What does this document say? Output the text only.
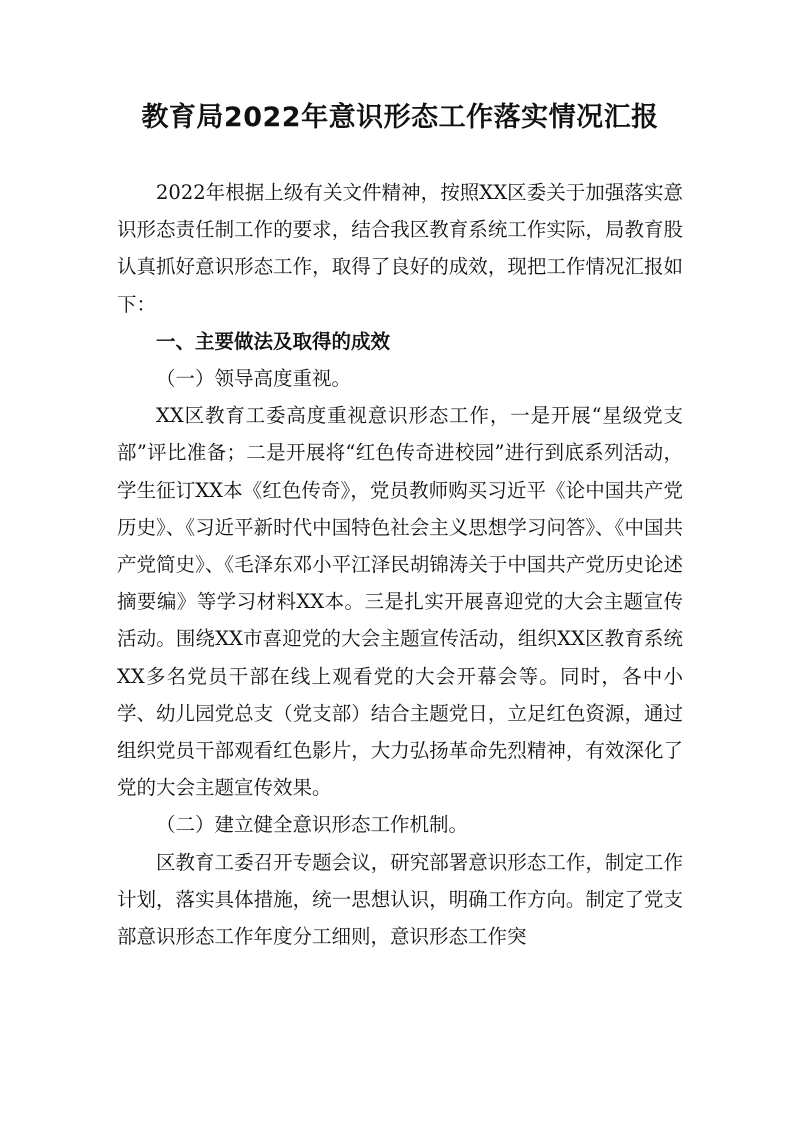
教育局2022年意识形态工作落实情况汇报

2022年根据上级有关文件精神，按照XX区委关于加强落实意识形态责任制工作的要求，结合我区教育系统工作实际，局教育股认真抓好意识形态工作，取得了良好的成效，现把工作情况汇报如下：

一、主要做法及取得的成效

（一）领导高度重视。

XX区教育工委高度重视意识形态工作，一是开展“星级党支部”评比准备；二是开展将“红色传奇进校园”进行到底系列活动，学生征订XX本《红色传奇》，党员教师购买习近平《论中国共产党历史》、《习近平新时代中国特色社会主义思想学习问答》、《中国共产党简史》、《毛泽东邓小平江泽民胡锦涛关于中国共产党历史论述摘要编》等学习材料XX本。三是扎实开展喜迎党的大会主题宣传活动。围绕XX市喜迎党的大会主题宣传活动，组织XX区教育系统XX多名党员干部在线上观看党的大会开幕会等。同时，各中小学、幼儿园党总支（党支部）结合主题党日，立足红色资源，通过组织党员干部观看红色影片，大力弘扬革命先烈精神，有效深化了党的大会主题宣传效果。

（二）建立健全意识形态工作机制。

区教育工委召开专题会议，研究部署意识形态工作，制定工作计划，落实具体措施，统一思想认识，明确工作方向。制定了党支部意识形态工作年度分工细则，意识形态工作突
